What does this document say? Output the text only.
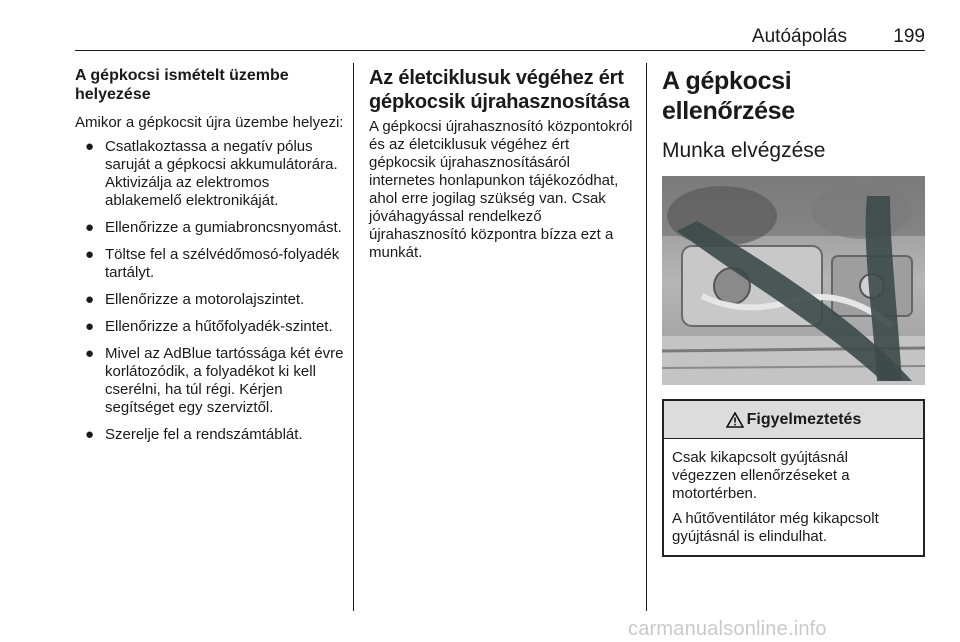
Autóápolás 199
A gépkocsi ismételt üzembe
helyezése
Amikor a gépkocsit újra üzembe helyezi:
● Csatlakoztassa a negatív pólus saruját a gépkocsi akkumulátorára. Aktivizálja az elektromos ablakemelő elektronikáját.
● Ellenőrizze a gumiabroncsnyomást.
● Töltse fel a szélvédőmosó-folyadék tartályt.
● Ellenőrizze a motorolajszintet.
● Ellenőrizze a hűtőfolyadék-szintet.
● Mivel az AdBlue tartóssága két évre korlátozódik, a folyadékot ki kell cserélni, ha túl régi. Kérjen segítséget egy szerviztől.
● Szerelje fel a rendszámtáblát.
Az életciklusuk végéhez ért
gépkocsik újrahasznosítása
A gépkocsi újrahasznosító központokról és az életciklusuk végéhez ért gépkocsik újrahasznosításáról internetes honlapunkon tájékozódhat, ahol erre jogilag szükség van. Csak jóváhagyással rendelkező újrahasznosító központra bízza ezt a munkát.
A gépkocsi ellenőrzése
Munka elvégzése
Figyelmeztetés
Csak kikapcsolt gyújtásnál végezzen ellenőrzéseket a motortérben.
A hűtőventilátor még kikapcsolt gyújtásnál is elindulhat.
carmanualsonline.info
